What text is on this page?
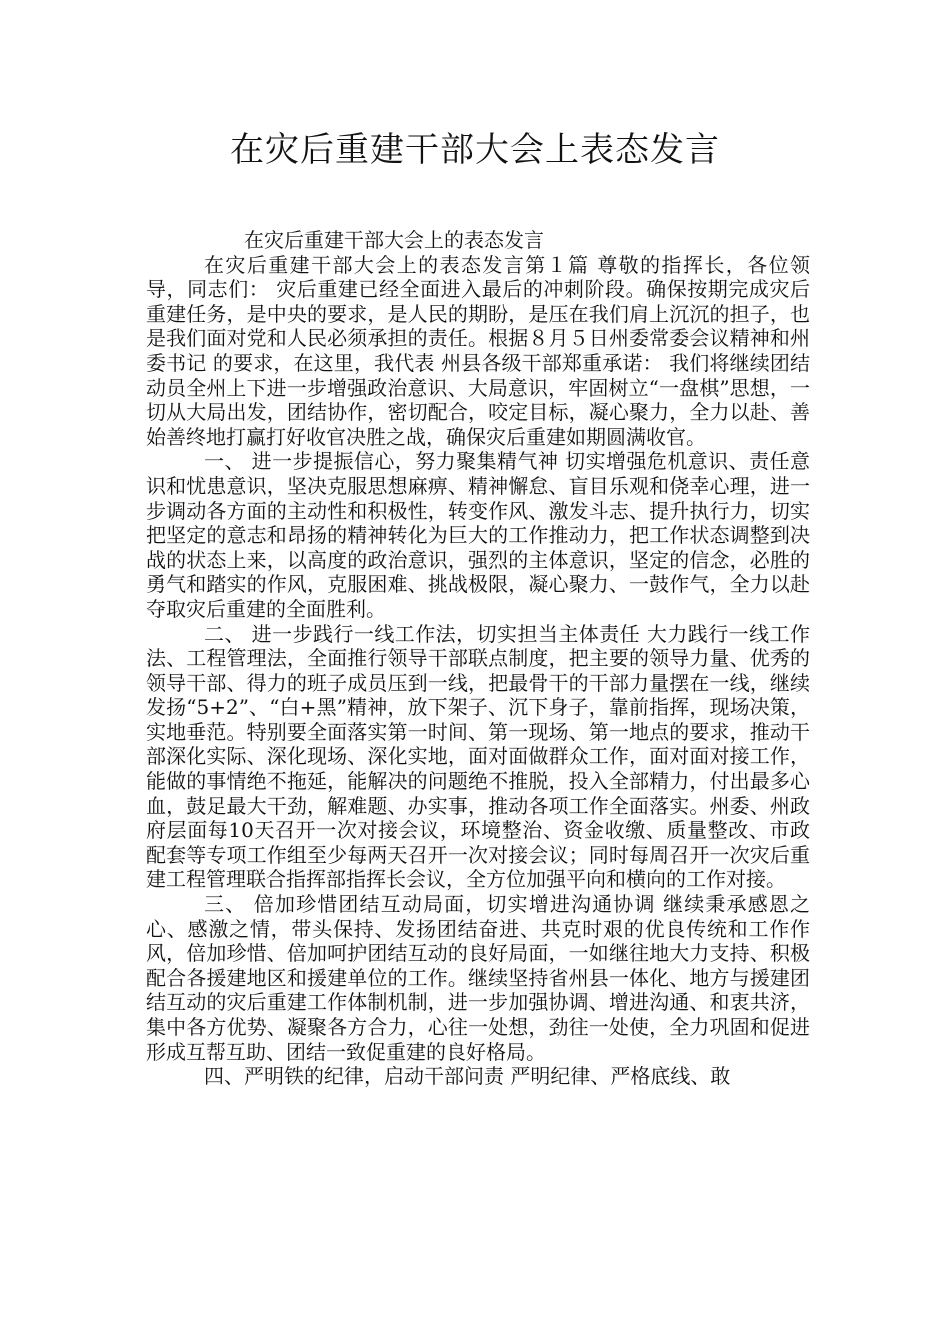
在灾后重建干部大会上表态发言

在灾后重建干部大会上的表态发言

在灾后重建干部大会上的表态发言第１篇 尊敬的指挥长，各位领导，同志们： 灾后重建已经全面进入最后的冲刺阶段。确保按期完成灾后重建任务，是中央的要求，是人民的期盼，是压在我们肩上沉沉的担子，也是我们面对党和人民必须承担的责任。根据８月５日州委常委会议精神和州委书记 的要求，在这里，我代表 州县各级干部郑重承诺： 我们将继续团结动员全州上下进一步增强政治意识、大局意识，牢固树立“一盘棋”思想，一切从大局出发，团结协作，密切配合，咬定目标，凝心聚力，全力以赴、善始善终地打赢打好收官决胜之战，确保灾后重建如期圆满收官。

一、 进一步提振信心，努力聚集精气神 切实增强危机意识、责任意识和忧患意识，坚决克服思想麻痹、精神懈怠、盲目乐观和侥幸心理，进一步调动各方面的主动性和积极性，转变作风、激发斗志、提升执行力，切实把坚定的意志和昂扬的精神转化为巨大的工作推动力，把工作状态调整到决战的状态上来，以高度的政治意识，强烈的主体意识，坚定的信念，必胜的勇气和踏实的作风，克服困难、挑战极限，凝心聚力、一鼓作气，全力以赴夺取灾后重建的全面胜利。

二、 进一步践行一线工作法，切实担当主体责任 大力践行一线工作法、工程管理法，全面推行领导干部联点制度，把主要的领导力量、优秀的领导干部、得力的班子成员压到一线，把最骨干的干部力量摆在一线，继续发扬“5+2”、“白+黑”精神，放下架子、沉下身子，靠前指挥，现场决策，实地垂范。特别要全面落实第一时间、第一现场、第一地点的要求，推动干部深化实际、深化现场、深化实地，面对面做群众工作，面对面对接工作，能做的事情绝不拖延，能解决的问题绝不推脱，投入全部精力，付出最多心血，鼓足最大干劲，解难题、办实事，推动各项工作全面落实。州委、州政府层面每10天召开一次对接会议，环境整治、资金收缴、质量整改、市政配套等专项工作组至少每两天召开一次对接会议；同时每周召开一次灾后重建工程管理联合指挥部指挥长会议，全方位加强平向和横向的工作对接。

三、 倍加珍惜团结互动局面，切实增进沟通协调 继续秉承感恩之心、感激之情，带头保持、发扬团结奋进、共克时艰的优良传统和工作作风，倍加珍惜、倍加呵护团结互动的良好局面，一如继往地大力支持、积极配合各援建地区和援建单位的工作。继续坚持省州县一体化、地方与援建团结互动的灾后重建工作体制机制，进一步加强协调、增进沟通、和衷共济，集中各方优势、凝聚各方合力，心往一处想，劲往一处使，全力巩固和促进形成互帮互助、团结一致促重建的良好格局。

四、严明铁的纪律，启动干部问责 严明纪律、严格底线、敢
